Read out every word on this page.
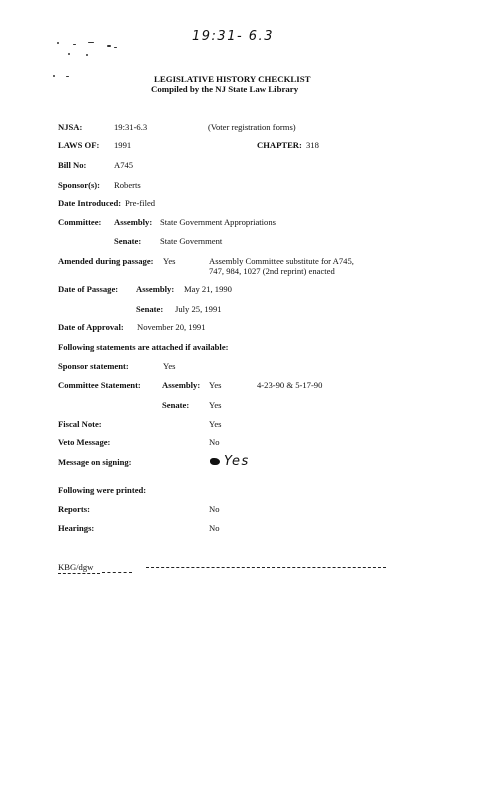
19:31- 6.3
LEGISLATIVE HISTORY CHECKLIST
Compiled by the NJ State Law Library
NJSA:	19:31-6.3	(Voter registration forms)
LAWS OF: 1991	CHAPTER: 318
Bill No:	A745
Sponsor(s): Roberts
Date Introduced: Pre-filed
Committee: Assembly: State Government Appropriations
Senate: State Government
Amended during passage: Yes	Assembly Committee substitute for A745,
747, 984, 1027 (2nd reprint) enacted
Date of Passage: Assembly: May 21, 1990
Senate: July 25, 1991
Date of Approval: November 20, 1991
Following statements are attached if available:
Sponsor statement:	Yes
Committee Statement: Assembly: Yes	4-23-90 & 5-17-90
Senate: Yes
Fiscal Note:	Yes
Veto Message:	No
Message on signing:	Yes
Following were printed:
Reports:	No
Hearings:	No
KBG/dgw
